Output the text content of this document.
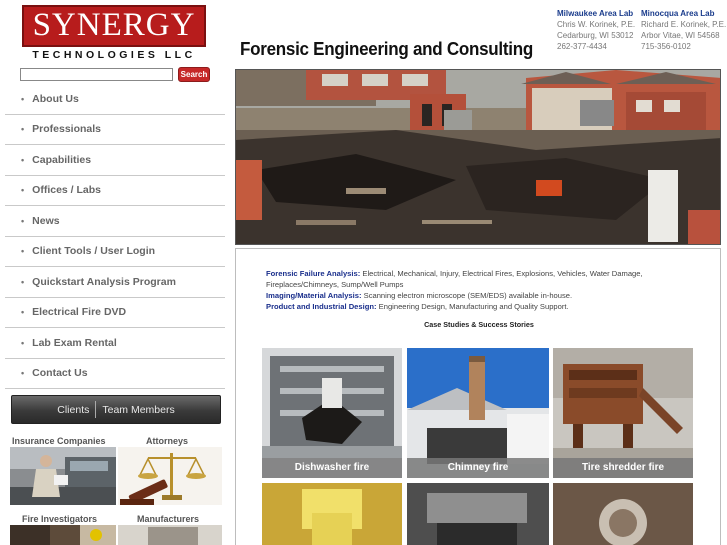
SYNERGY
TECHNOLOGIES LLC	Forensic Engineering and Consulting
Milwaukee Area Lab
Chris W. Korinek, P.E.
Cedarburg, WI 53012
262-377-4434
Minocqua Area Lab
Richard E. Korinek, P.E.
Arbor Vitae, WI 54568
715-356-0102
Search
• About Us
• Professionals
• Capabilities
• Offices / Labs
• News
• Client Tools / User Login
• Quickstart Analysis Program
• Electrical Fire DVD
• Lab Exam Rental
• Contact Us
Clients	Team Members
Insurance Companies	Attorneys
Fire Investigators	Manufacturers
Forensic Failure Analysis: Electrical, Mechanical, Injury, Electrical Fires, Explosions, Vehicles, Water Damage, Fireplaces/Chimneys, Sump/Well Pumps
Imaging/Material Analysis: Scanning electron microscope (SEM/EDS) available in-house.
Product and Industrial Design: Engineering Design, Manufacturing and Quality Support.
Case Studies & Success Stories
Dishwasher fire	Chimney fire	Tire shredder fire
